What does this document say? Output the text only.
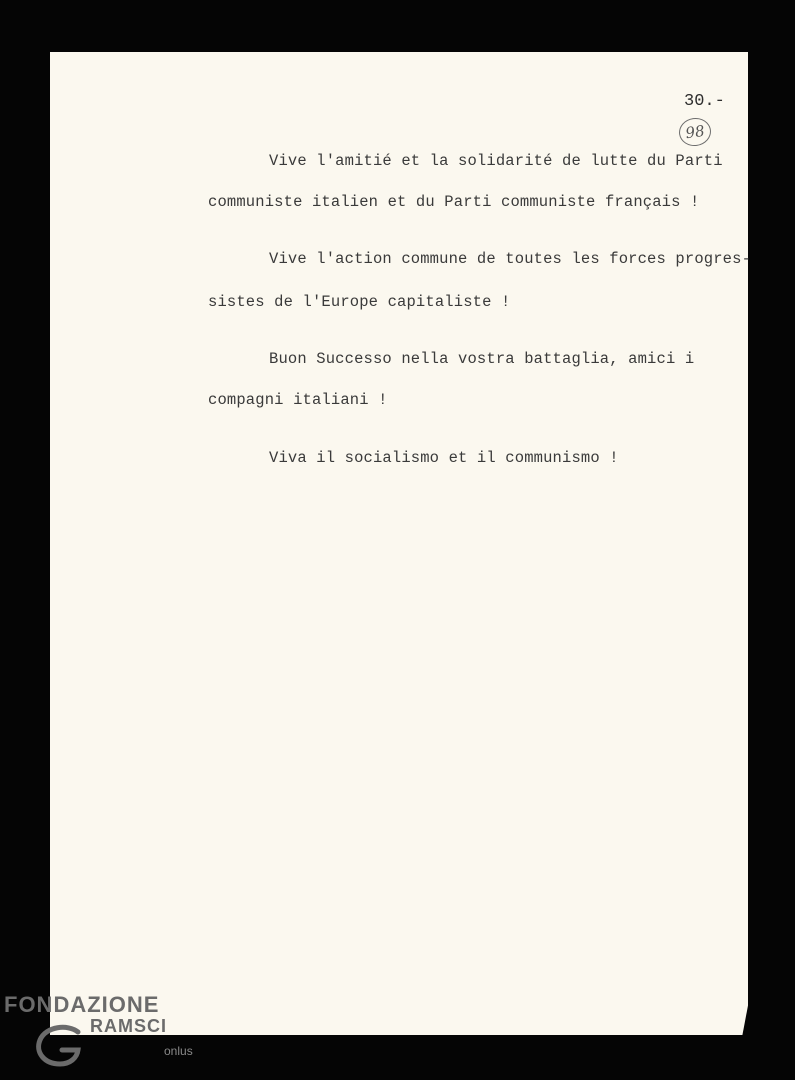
30.-
98
Vive l'amitié et la solidarité de lutte du Parti
communiste italien et du Parti communiste français !
Vive l'action commune de toutes les forces progres-
sistes de l'Europe capitaliste !
Buon Successo nella vostra battaglia, amici i
compagni italiani !
Viva il socialismo et il communismo !
FONDAZIONE
RAMSCI
onlus
